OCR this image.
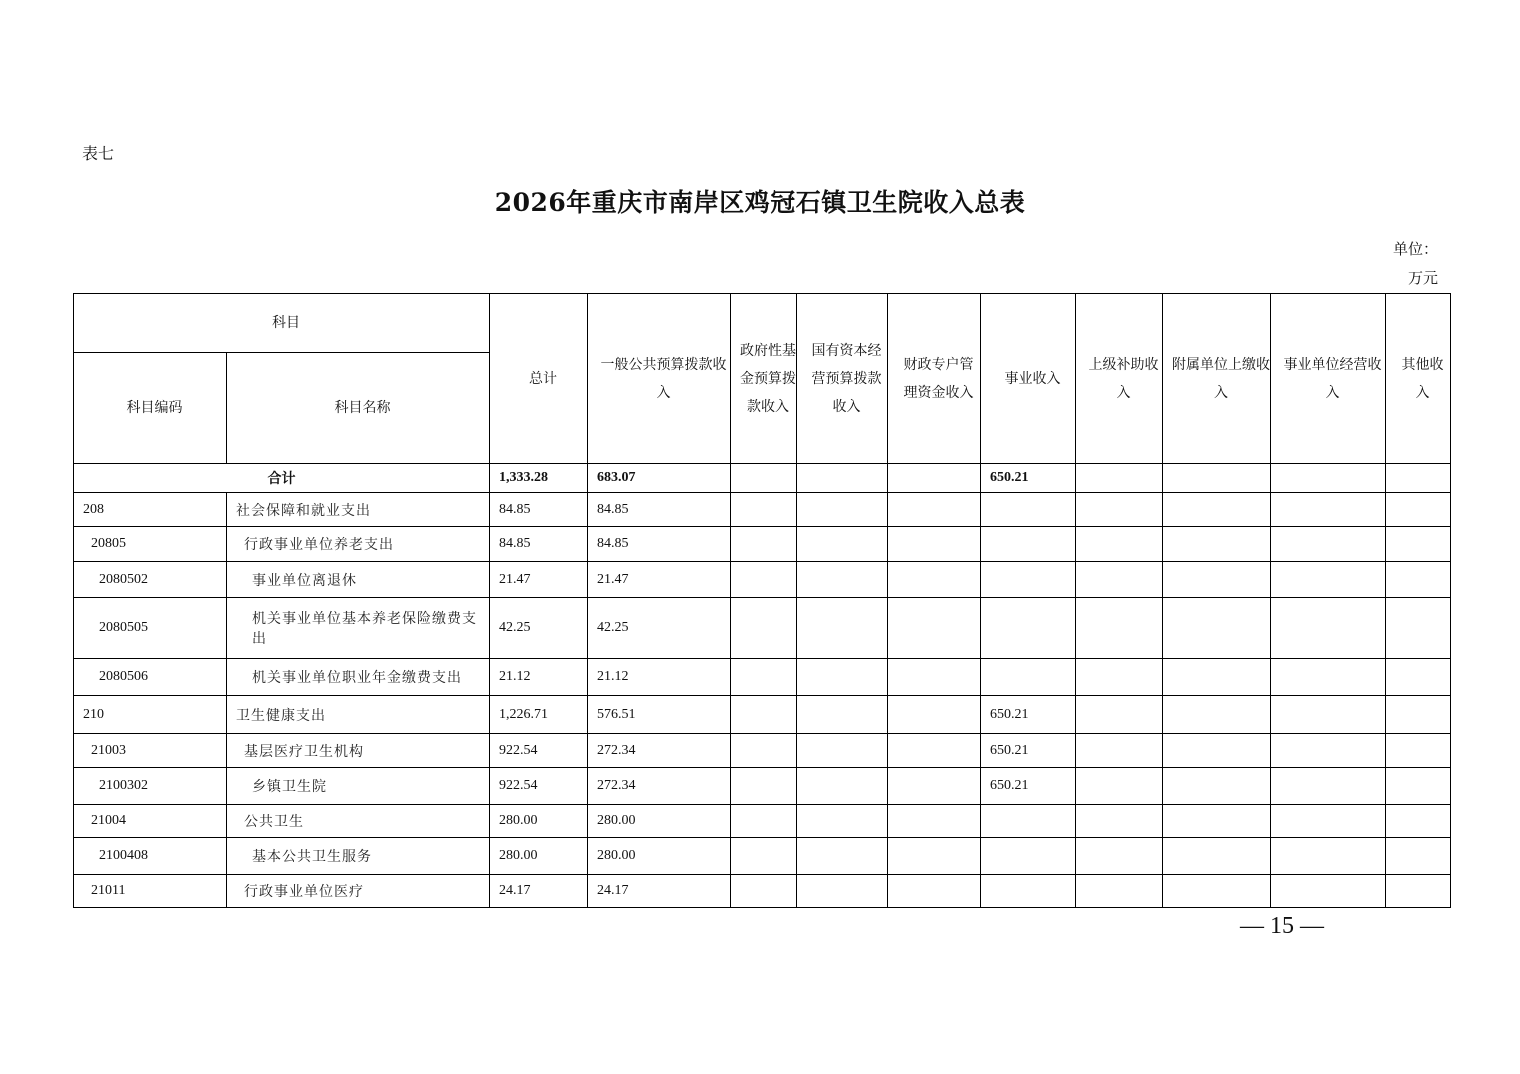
表七
2026年重庆市南岸区鸡冠石镇卫生院收入总表
单位：
万元
科目		总计	一般公共预算拨款收入	政府性基金预算拨款收入	国有资本经营预算拨款收入	财政专户管理资金收入	事业收入	上级补助收入	附属单位上缴收入	事业单位经营收入	其他收入
科目编码	科目名称										
合计		1,333.28	683.07				650.21				
208	社会保障和就业支出	84.85	84.85								
20805	行政事业单位养老支出	84.85	84.85								
2080502	事业单位离退休	21.47	21.47								
2080505	机关事业单位基本养老保险缴费支出	42.25	42.25								
2080506	机关事业单位职业年金缴费支出	21.12	21.12								
210	卫生健康支出	1,226.71	576.51				650.21				
21003	基层医疗卫生机构	922.54	272.34				650.21				
2100302	乡镇卫生院	922.54	272.34				650.21				
21004	公共卫生	280.00	280.00								
2100408	基本公共卫生服务	280.00	280.00								
21011	行政事业单位医疗	24.17	24.17								
— 15 —
